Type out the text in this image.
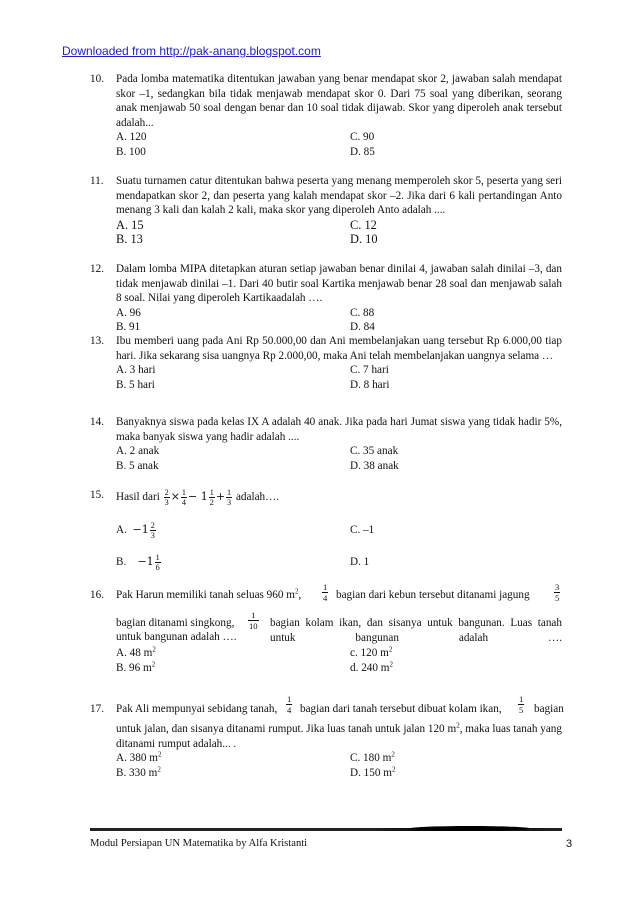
Downloaded from http://pak-anang.blogspot.com
10. Pada lomba matematika ditentukan jawaban yang benar mendapat skor 2, jawaban salah mendapat skor –1, sedangkan bila tidak menjawab mendapat skor 0. Dari 75 soal yang diberikan, seorang anak menjawab 50 soal dengan benar dan 10 soal tidak dijawab. Skor yang diperoleh anak tersebut adalah...
A. 120	C. 90
B. 100	D. 85
11. Suatu turnamen catur ditentukan bahwa peserta yang menang memperoleh skor 5, peserta yang seri mendapatkan skor 2, dan peserta yang kalah mendapat skor –2. Jika dari 6 kali pertandingan Anto menang 3 kali dan kalah 2 kali, maka skor yang diperoleh Anto adalah ....
A. 15	C. 12
B. 13	D. 10
12. Dalam lomba MIPA ditetapkan aturan setiap jawaban benar dinilai 4, jawaban salah dinilai –3, dan tidak menjawab dinilai –1. Dari 40 butir soal Kartika menjawab benar 28 soal dan menjawab salah 8 soal. Nilai yang diperoleh Kartikaadalah ….
A. 96	C. 88
B. 91	D. 84
13. Ibu memberi uang pada Ani Rp 50.000,00 dan Ani membelanjakan uang tersebut Rp 6.000,00 tiap hari. Jika sekarang sisa uangnya Rp 2.000,00, maka Ani telah membelanjakan uangnya selama …
A. 3 hari	C. 7 hari
B. 5 hari	D. 8 hari
14. Banyaknya siswa pada kelas IX A adalah 40 anak. Jika pada hari Jumat siswa yang tidak hadir 5%, maka banyak siswa yang hadir adalah ....
A. 2 anak	C. 35 anak
B. 5 anak	D. 38 anak
15. Hasil dari $\frac{2}{3} \times \frac{1}{4} - 1 \frac{1}{2} + \frac{1}{3}$ adalah….
A. $-1 \frac{2}{3}$	C. –1
B. $-1 \frac{1}{6}$	D. 1
16. Pak Harun memiliki tanah seluas 960 $m^2$,
1
4 bagian dari kebun tersebut ditanami jagung
3
5
bagian ditanami singkong,
1
10 bagian kolam ikan, dan sisanya untuk bangunan. Luas tanah untuk bangunan adalah ….
untuk bangunan adalah ….
A. 48 $m^2$	c. 120 $m^2$
B. 96 $m^2$	d. 240 $m^2$
17. Pak Ali mempunyai sebidang tanah,
1
4 bagian dari tanah tersebut dibuat kolam ikan,
1
5 bagian
untuk jalan, dan sisanya ditanami rumput. Jika luas tanah untuk jalan 120 $m^2$, maka luas tanah yang ditanami rumput adalah... .
A. 380 $m^2$	C. 180 $m^2$
B. 330 $m^2$	D. 150 $m^2$
Modul Persiapan UN Matematika by Alfa Kristanti	3
